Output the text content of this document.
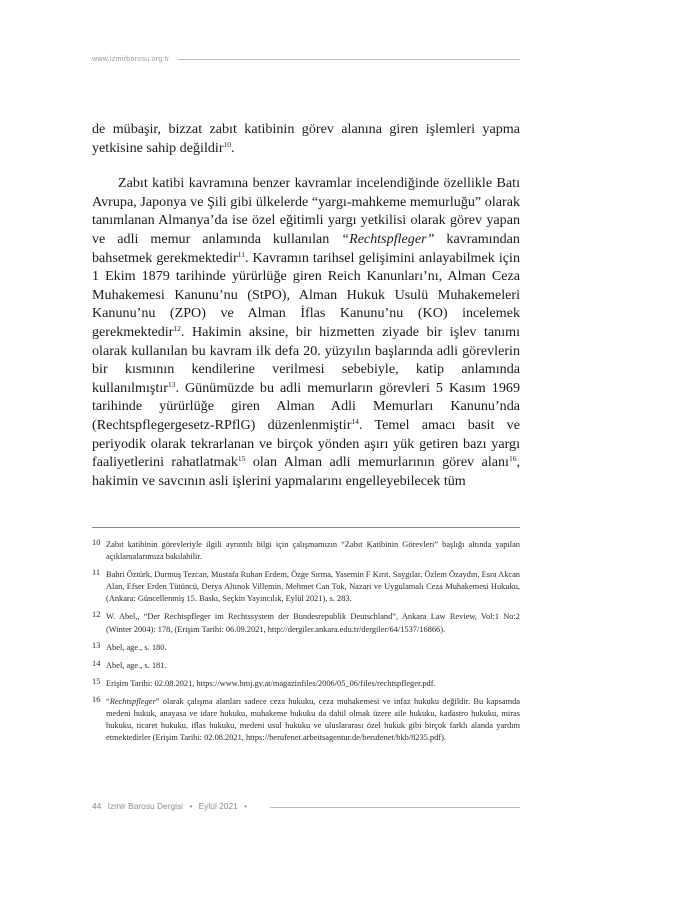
www.izmirbarosu.org.tr

de mübaşir, bizzat zabıt katibinin görev alanına giren işlemleri yapma yetkisine sahip değildir$^{10}$.

Zabıt katibi kavramına benzer kavramlar incelendiğinde özellikle Batı Avrupa, Japonya ve Şili gibi ülkelerde “yargı-mahkeme memurluğu” olarak tanımlanan Almanya’da ise özel eğitimli yargı yetkilisi olarak görev yapan ve adli memur anlamında kullanılan “Rechtspfleger” kavramından bahsetmek gerekmektedir$^{11}$. Kavramın tarihsel gelişimini anlayabilmek için 1 Ekim 1879 tarihinde yürürlüğe giren Reich Kanunları’nı, Alman Ceza Muhakemesi Kanunu’nu (StPO), Alman Hukuk Usulü Muhakemeleri Kanunu’nu (ZPO) ve Alman İflas Kanunu’nu (KO) incelemek gerekmektedir$^{12}$. Hakimin aksine, bir hizmetten ziyade bir işlev tanımı olarak kullanılan bu kavram ilk defa 20. yüzyılın başlarında adli görevlerin bir kısmının kendilerine verilmesi sebebiyle, katip anlamında kullanılmıştır$^{13}$. Günümüzde bu adli memurların görevleri 5 Kasım 1969 tarihinde yürürlüğe giren Alman Adli Memurları Kanunu’nda (Rechtspflegergesetz-RPflG) düzenlenmiştir$^{14}$. Temel amacı basit ve periyodik olarak tekrarlanan ve birçok yönden aşırı yük getiren bazı yargı faaliyetlerini rahatlatmak$^{15}$ olan Alman adli memurlarının görev alanı$^{16}$, hakimin ve savcının asli işlerini yapmalarını engelleyebilecek tüm

10 Zabıt katibinin görevleriyle ilgili ayrıntılı bilgi için çalışmamızın “Zabıt Katibinin Görevleri” başlığı altında yapılan açıklamalarımıza bakılabilir.
11 Bahri Öztürk, Durmuş Tezcan, Mustafa Ruhan Erdem, Özge Sırma, Yasemin F Kırıt. Saygılar, Özlem Özaydın, Esra Akcan Alan, Efser Erden Tütüncü, Derya Altınok Villemin, Mehmet Can Tok, Nazari ve Uygulamalı Ceza Muhakemesi Hukuku, (Ankara: Güncellenmiş 15. Baskı, Seçkin Yayıncılık, Eylül 2021), s. 283.
12 W. Abel,, “Der Rechtspfleger im Rechtssystem der Bundesrepublik Deutschland”, Ankara Law Review, Vol:1 No:2 (Winter 2004): 178, (Erişim Tarihi: 06.09.2021, http://dergiler.ankara.edu.tr/dergiler/64/1537/16866).
13 Abel, age., s. 180.
14 Abel, age., s. 181.
15 Erişim Tarihi: 02.08.2021, https://www.bmj.gv.at/magazinfiles/2006/05_06/files/rechtspfleger.pdf.
16 “Rechtspfleger” olarak çalışma alanları sadece ceza hukuku, ceza muhakemesi ve infaz hukuku değildir. Bu kapsamda medeni hukuk, anayasa ve idare hukuku, muhakeme hukuku da dahil olmak üzere aile hukuku, kadastro hukuku, miras hukuku, ticaret hukuku, iflas hukuku, medeni usul hukuku ve uluslararası özel hukuk gibi birçok farklı alanda yardım etmektedirler (Erişim Tarihi: 02.08.2021, https://berufenet.arbeitsagentur.de/berufenet/bkb/8235.pdf).
44 İzmir Barosu Dergisi • Eylül 2021 •
